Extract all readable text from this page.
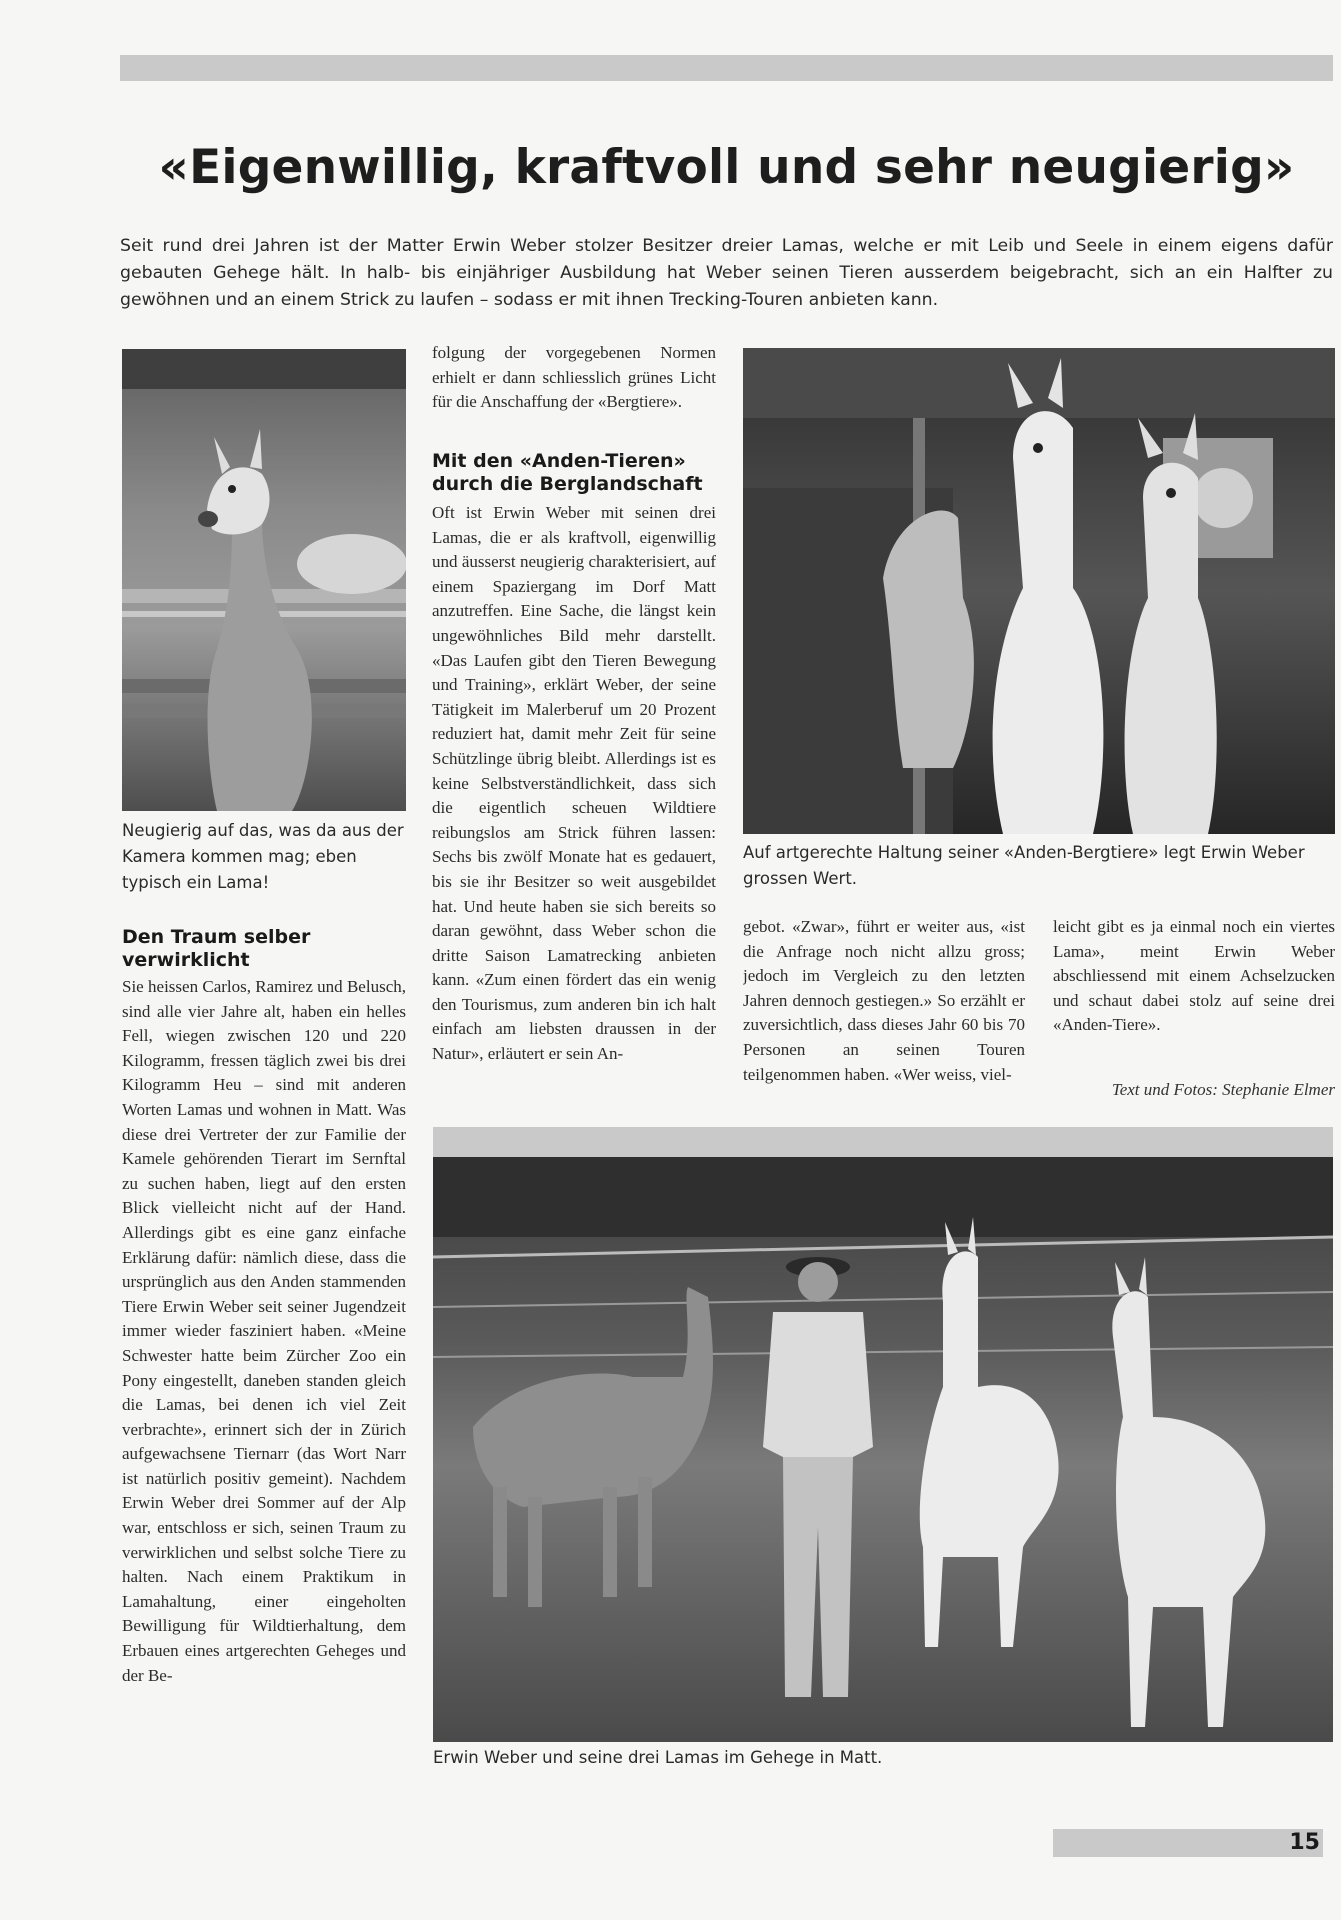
«Eigenwillig, kraftvoll und sehr neugierig»

Seit rund drei Jahren ist der Matter Erwin Weber stolzer Besitzer dreier Lamas, welche er mit Leib und Seele in einem eigens dafür gebauten Gehege hält. In halb- bis einjähriger Ausbildung hat Weber seinen Tieren ausserdem beigebracht, sich an ein Halfter zu gewöhnen und an einem Strick zu laufen – sodass er mit ihnen Trecking-Touren anbieten kann.

Neugierig auf das, was da aus der Kamera kommen mag; eben typisch ein Lama!

Den Traum selber verwirklicht

Sie heissen Carlos, Ramirez und Belusch, sind alle vier Jahre alt, haben ein helles Fell, wiegen zwischen 120 und 220 Kilogramm, fressen täglich zwei bis drei Kilogramm Heu – sind mit anderen Worten Lamas und wohnen in Matt. Was diese drei Vertreter der zur Familie der Kamele gehörenden Tierart im Sernftal zu suchen haben, liegt auf den ersten Blick vielleicht nicht auf der Hand. Allerdings gibt es eine ganz einfache Erklärung dafür: nämlich diese, dass die ursprünglich aus den Anden stammenden Tiere Erwin Weber seit seiner Jugendzeit immer wieder fasziniert haben. «Meine Schwester hatte beim Zürcher Zoo ein Pony eingestellt, daneben standen gleich die Lamas, bei denen ich viel Zeit verbrachte», erinnert sich der in Zürich aufgewachsene Tiernarr (das Wort Narr ist natürlich positiv gemeint). Nachdem Erwin Weber drei Sommer auf der Alp war, entschloss er sich, seinen Traum zu verwirklichen und selbst solche Tiere zu halten. Nach einem Praktikum in Lamahaltung, einer eingeholten Bewilligung für Wildtierhaltung, dem Erbauen eines artgerechten Geheges und der Be-

folgung der vorgegebenen Normen erhielt er dann schliesslich grünes Licht für die Anschaffung der «Bergtiere».

Mit den «Anden-Tieren» durch die Berglandschaft

Oft ist Erwin Weber mit seinen drei Lamas, die er als kraftvoll, eigenwillig und äusserst neugierig charakterisiert, auf einem Spaziergang im Dorf Matt anzutreffen. Eine Sache, die längst kein ungewöhnliches Bild mehr darstellt. «Das Laufen gibt den Tieren Bewegung und Training», erklärt Weber, der seine Tätigkeit im Malerberuf um 20 Prozent reduziert hat, damit mehr Zeit für seine Schützlinge übrig bleibt. Allerdings ist es keine Selbstverständlichkeit, dass sich die eigentlich scheuen Wildtiere reibungslos am Strick führen lassen: Sechs bis zwölf Monate hat es gedauert, bis sie ihr Besitzer so weit ausgebildet hat. Und heute haben sie sich bereits so daran gewöhnt, dass Weber schon die dritte Saison Lamatrecking anbieten kann. «Zum einen fördert das ein wenig den Tourismus, zum anderen bin ich halt einfach am liebsten draussen in der Natur», erläutert er sein An-

Auf artgerechte Haltung seiner «Anden-Bergtiere» legt Erwin Weber grossen Wert.

gebot. «Zwar», führt er weiter aus, «ist die Anfrage noch nicht allzu gross; jedoch im Vergleich zu den letzten Jahren dennoch gestiegen.» So erzählt er zuversichtlich, dass dieses Jahr 60 bis 70 Personen an seinen Touren teilgenommen haben. «Wer weiss, viel-

leicht gibt es ja einmal noch ein viertes Lama», meint Erwin Weber abschliessend mit einem Achselzucken und schaut dabei stolz auf seine drei «Anden-Tiere».

Text und Fotos: Stephanie Elmer

Erwin Weber und seine drei Lamas im Gehege in Matt.

15
